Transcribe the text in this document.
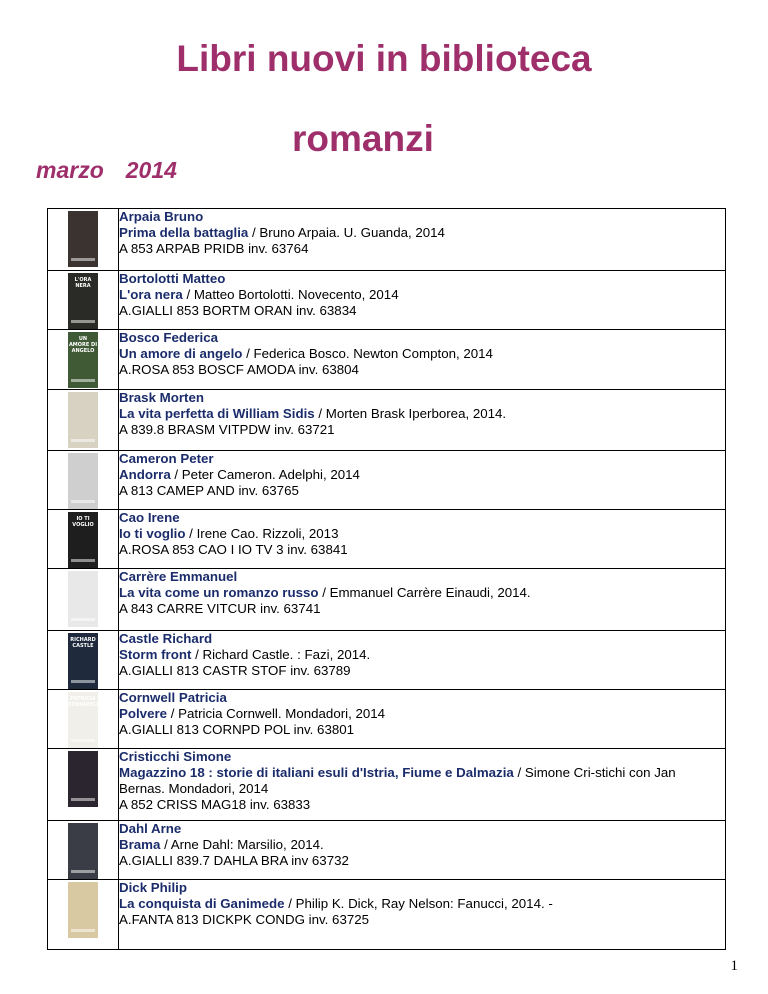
Libri nuovi in biblioteca
romanzi
marzo 2014

	Arpaia Bruno
Prima della battaglia / Bruno Arpaia. U. Guanda, 2014
A 853 ARPAB PRIDB inv. 63764

L'ORA NERA	Bortolotti Matteo
L'ora nera / Matteo Bortolotti. Novecento, 2014
A.GIALLI 853 BORTM ORAN inv. 63834

UN AMORE DI ANGELO	Bosco Federica
Un amore di angelo / Federica Bosco. Newton Compton, 2014
A.ROSA 853 BOSCF AMODA inv. 63804

	Brask Morten
La vita perfetta di William Sidis / Morten Brask Iperborea, 2014.
A 839.8 BRASM VITPDW inv. 63721

	Cameron Peter
Andorra / Peter Cameron. Adelphi, 2014
A 813 CAMEP AND inv. 63765

IO TI VOGLIO	Cao Irene
Io ti voglio / Irene Cao. Rizzoli, 2013
A.ROSA 853 CAO I IO TV 3 inv. 63841

	Carrère Emmanuel
La vita come un romanzo russo / Emmanuel Carrère Einaudi, 2014.
A 843 CARRE VITCUR inv. 63741

RICHARD CASTLE	Castle Richard
Storm front / Richard Castle. : Fazi, 2014.
A.GIALLI 813 CASTR STOF inv. 63789

PATRICIA CORNWELL	Cornwell Patricia
Polvere / Patricia Cornwell. Mondadori, 2014
A.GIALLI 813 CORNPD POL inv. 63801

	Cristicchi Simone
Magazzino 18 : storie di italiani esuli d'Istria, Fiume e Dalmazia / Simone Cri-stichi con Jan Bernas. Mondadori, 2014
A 852 CRISS MAG18 inv. 63833

	Dahl Arne
Brama / Arne Dahl: Marsilio, 2014.
A.GIALLI 839.7 DAHLA BRA inv 63732

	Dick Philip
La conquista di Ganimede / Philip K. Dick, Ray Nelson: Fanucci, 2014. -
A.FANTA 813 DICKPK CONDG inv. 63725
1
